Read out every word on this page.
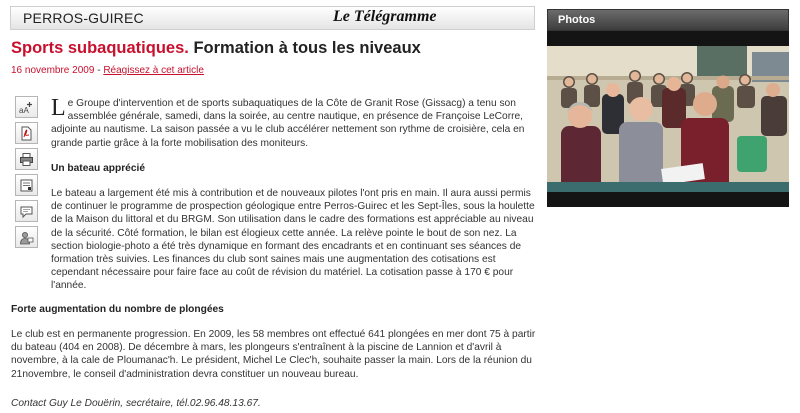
PERROS-GUIREC	Le Télégramme
Sports subaquatiques. Formation à tous les niveaux
16 novembre 2009 - Réagissez à cet article
aA Le Groupe d'intervention et de sports subaquatiques de la Côte de Granit Rose (Gissacg) a tenu son assemblée générale, samedi, dans la soirée, au centre nautique, en présence de Françoise LeCorre, adjointe au nautisme. La saison passée a vu le club accélérer nettement son rythme de croisière, cela en grande partie grâce à la forte mobilisation des moniteurs.

Un bateau apprécié

Le bateau a largement été mis à contribution et de nouveaux pilotes l'ont pris en main. Il aura aussi permis de continuer le programme de prospection géologique entre Perros-Guirec et les Sept-Îles, sous la houlette de la Maison du littoral et du BRGM. Son utilisation dans le cadre des formations est appréciable au niveau de la sécurité. Côté formation, le bilan est élogieux cette année. La relève pointe le bout de son nez. La section biologie-photo a été très dynamique en formant des encadrants et en continuant ses séances de formation très suivies. Les finances du club sont saines mais une augmentation des cotisations est cependant nécessaire pour faire face au coût de révision du matériel. La cotisation passe à 170 € pour l'année.

Forte augmentation du nombre de plongées

Le club est en permanente progression. En 2009, les 58 membres ont effectué 641 plongées en mer dont 75 à partir du bateau (404 en 2008). De décembre à mars, les plongeurs s'entraînent à la piscine de Lannion et d'avril à novembre, à la cale de Ploumanac'h. Le président, Michel Le Clec'h, souhaite passer la main. Lors de la réunion du 21novembre, le conseil d'administration devra constituer un nouveau bureau.

Contact Guy Le Douërin, secrétaire, tél.02.96.48.13.67.

Photos
